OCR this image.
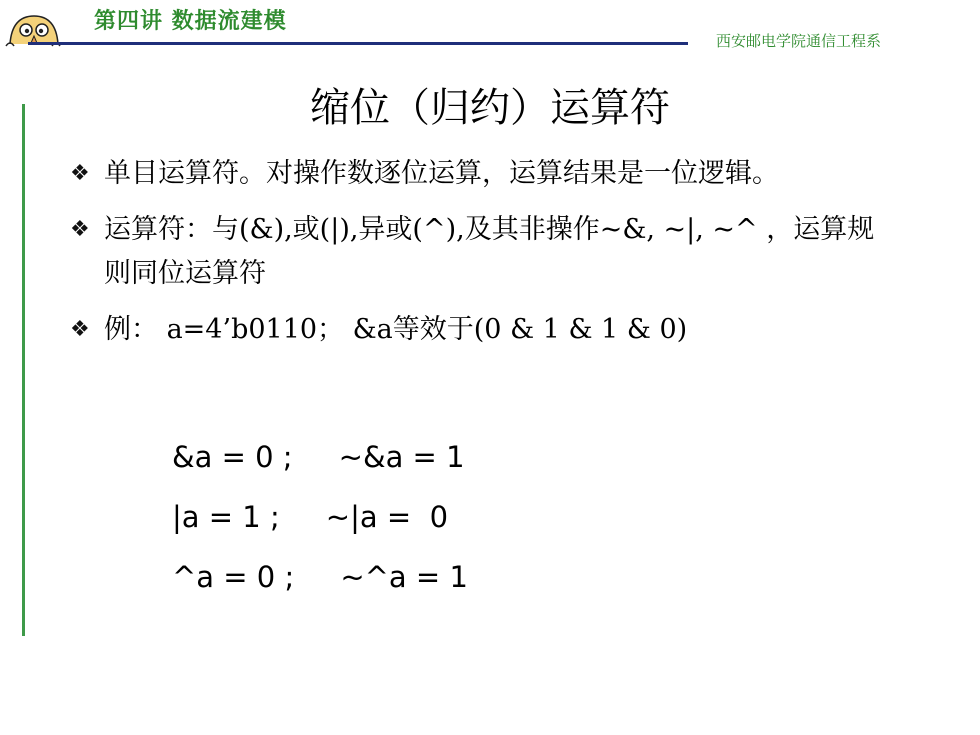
第四讲 数据流建模
西安邮电学院通信工程系
缩位（归约）运算符
❖ 单目运算符。对操作数逐位运算，运算结果是一位逻辑。
❖ 运算符：与(&),或(|),异或(^),及其非操作~&, ~|, ~^ ，运算规则同位运算符
❖ 例： a=4’b0110； &a等效于(0 & 1 & 1 & 0)
&a = 0 ;     ~&a = 1
|a = 1 ;     ~|a =  0
^a = 0 ;     ~^a = 1
